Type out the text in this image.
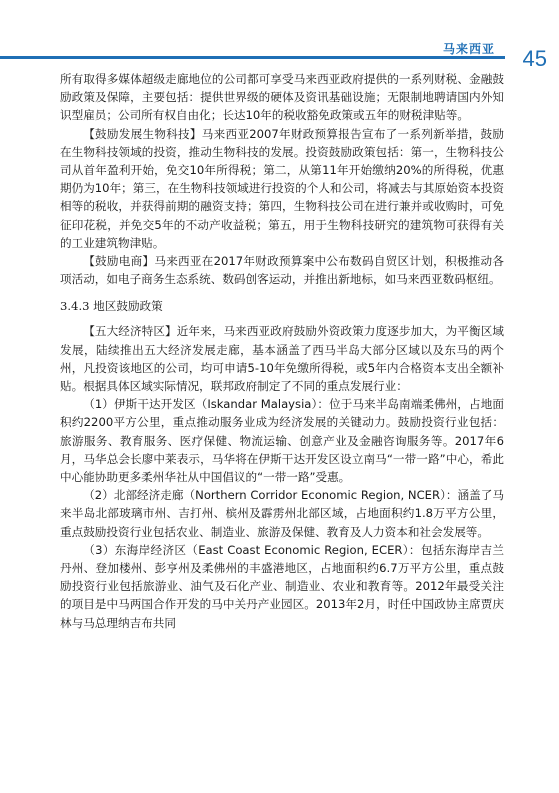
马来西亚 45

所有取得多媒体超级走廊地位的公司都可享受马来西亚政府提供的一系列财税、金融鼓励政策及保障，主要包括：提供世界级的硬体及资讯基础设施；无限制地聘请国内外知识型雇员；公司所有权自由化；长达10年的税收豁免政策或五年的财税津贴等。

【鼓励发展生物科技】马来西亚2007年财政预算报告宣布了一系列新举措，鼓励在生物科技领域的投资，推动生物科技的发展。投资鼓励政策包括：第一，生物科技公司从首年盈利开始，免交10年所得税；第二，从第11年开始缴纳20%的所得税，优惠期仍为10年；第三，在生物科技领域进行投资的个人和公司，将减去与其原始资本投资相等的税收，并获得前期的融资支持；第四，生物科技公司在进行兼并或收购时，可免征印花税，并免交5年的不动产收益税；第五，用于生物科技研究的建筑物可获得有关的工业建筑物津贴。

【鼓励电商】马来西亚在2017年财政预算案中公布数码自贸区计划，积极推动各项活动，如电子商务生态系统、数码创客运动，并推出新地标，如马来西亚数码枢纽。

3.4.3 地区鼓励政策

【五大经济特区】近年来，马来西亚政府鼓励外资政策力度逐步加大，为平衡区域发展，陆续推出五大经济发展走廊，基本涵盖了西马半岛大部分区域以及东马的两个州，凡投资该地区的公司，均可申请5-10年免缴所得税，或5年内合格资本支出全额补贴。根据具体区域实际情况，联邦政府制定了不同的重点发展行业：

（1）伊斯干达开发区（Iskandar Malaysia）：位于马来半岛南端柔佛州，占地面积约2200平方公里，重点推动服务业成为经济发展的关键动力。鼓励投资行业包括：旅游服务、教育服务、医疗保健、物流运输、创意产业及金融咨询服务等。2017年6月，马华总会长廖中莱表示，马华将在伊斯干达开发区设立南马“一带一路”中心，希此中心能协助更多柔州华社从中国倡议的“一带一路”受惠。

（2）北部经济走廊（Northern Corridor Economic Region, NCER）：涵盖了马来半岛北部玻璃市州、吉打州、槟州及霹雳州北部区域，占地面积约1.8万平方公里，重点鼓励投资行业包括农业、制造业、旅游及保健、教育及人力资本和社会发展等。

（3）东海岸经济区（East Coast Economic Region, ECER）：包括东海岸吉兰丹州、登加楼州、彭亨州及柔佛州的丰盛港地区，占地面积约6.7万平方公里，重点鼓励投资行业包括旅游业、油气及石化产业、制造业、农业和教育等。2012年最受关注的项目是中马两国合作开发的马中关丹产业园区。2013年2月，时任中国政协主席贾庆林与马总理纳吉布共同
